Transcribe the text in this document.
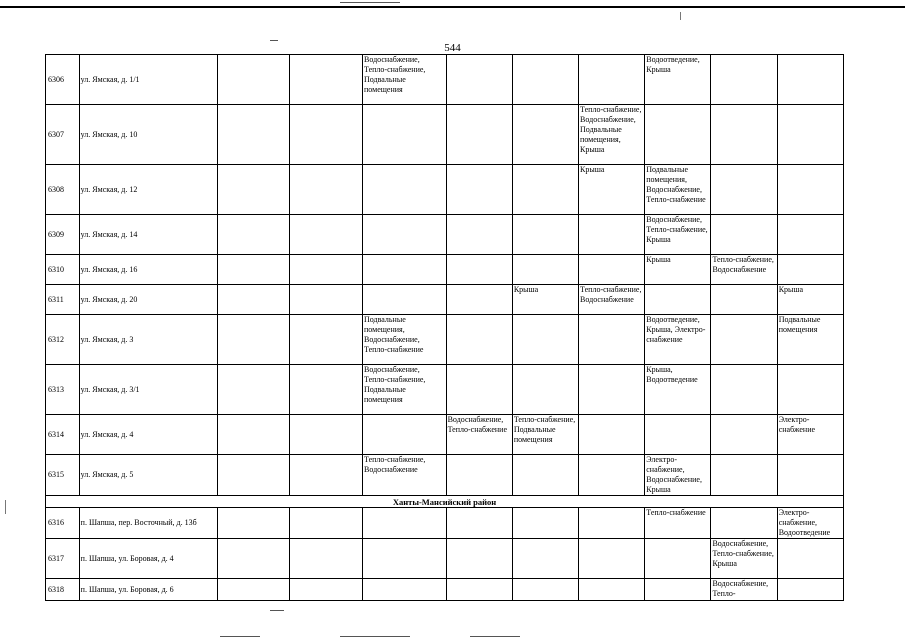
544
6306	ул. Ямская, д. 1/1			Водоснабжение, Тепло-снабжение, Подвальные помещения				Водоотведение, Крыша		
6307	ул. Ямская, д. 10						Тепло-снабжение, Водоснабжение, Подвальные помещения, Крыша			
6308	ул. Ямская, д. 12						Крыша	Подвальные помещения, Водоснабжение, Тепло-снабжение		
6309	ул. Ямская, д. 14							Водоснабжение, Тепло-снабжение, Крыша		
6310	ул. Ямская, д. 16							Крыша	Тепло-снабжение, Водоснабжение	
6311	ул. Ямская, д. 20					Крыша	Тепло-снабжение, Водоснабжение			Крыша
6312	ул. Ямская, д. 3			Подвальные помещения, Водоснабжение, Тепло-снабжение				Водоотведение, Крыша, Электро-снабжение		Подвальные помещения
6313	ул. Ямская, д. 3/1			Водоснабжение, Тепло-снабжение, Подвальные помещения				Крыша, Водоотведение		
6314	ул. Ямская, д. 4				Водоснабжение, Тепло-снабжение	Тепло-снабжение, Подвальные помещения				Электро-снабжение
6315	ул. Ямская, д. 5			Тепло-снабжение, Водоснабжение				Электро-снабжение, Водоснабжение, Крыша		
Ханты-Мансийский район										
6316	п. Шапша, пер. Восточный, д. 13б							Тепло-снабжение		Электро-снабжение, Водоотведение
6317	п. Шапша, ул. Боровая, д. 4								Водоснабжение, Тепло-снабжение, Крыша	
6318	п. Шапша, ул. Боровая, д. 6								Водоснабжение, Тепло-	
